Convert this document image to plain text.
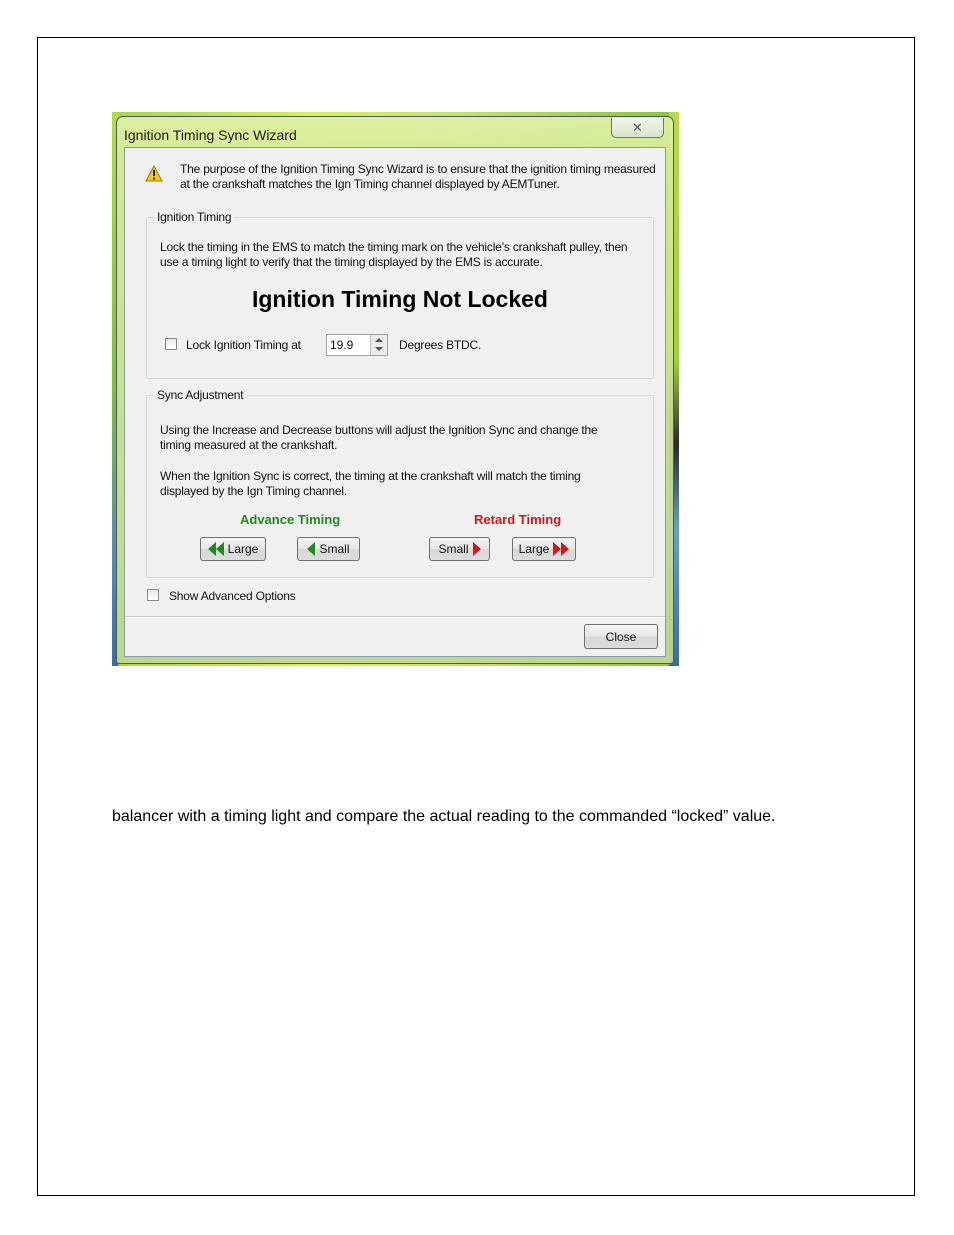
Ignition Timing Sync Wizard	✕
The purpose of the Ignition Timing Sync Wizard is to ensure that the ignition timing measured at the crankshaft matches the Ign Timing channel displayed by AEMTuner.
Ignition Timing
Lock the timing in the EMS to match the timing mark on the vehicle’s crankshaft pulley, then use a timing light to verify that the timing displayed by the EMS is accurate.
Ignition Timing Not Locked
Lock Ignition Timing at 19.9	Degrees BTDC.
Sync Adjustment
Using the Increase and Decrease buttons will adjust the Ignition Sync and change the timing measured at the crankshaft.
When the Ignition Sync is correct, the timing at the crankshaft will match the timing displayed by the Ign Timing channel.
Advance Timing	Retard Timing
Large	Small	Small	Large
Show Advanced Options
Close
balancer with a timing light and compare the actual reading to the commanded “locked” value.
